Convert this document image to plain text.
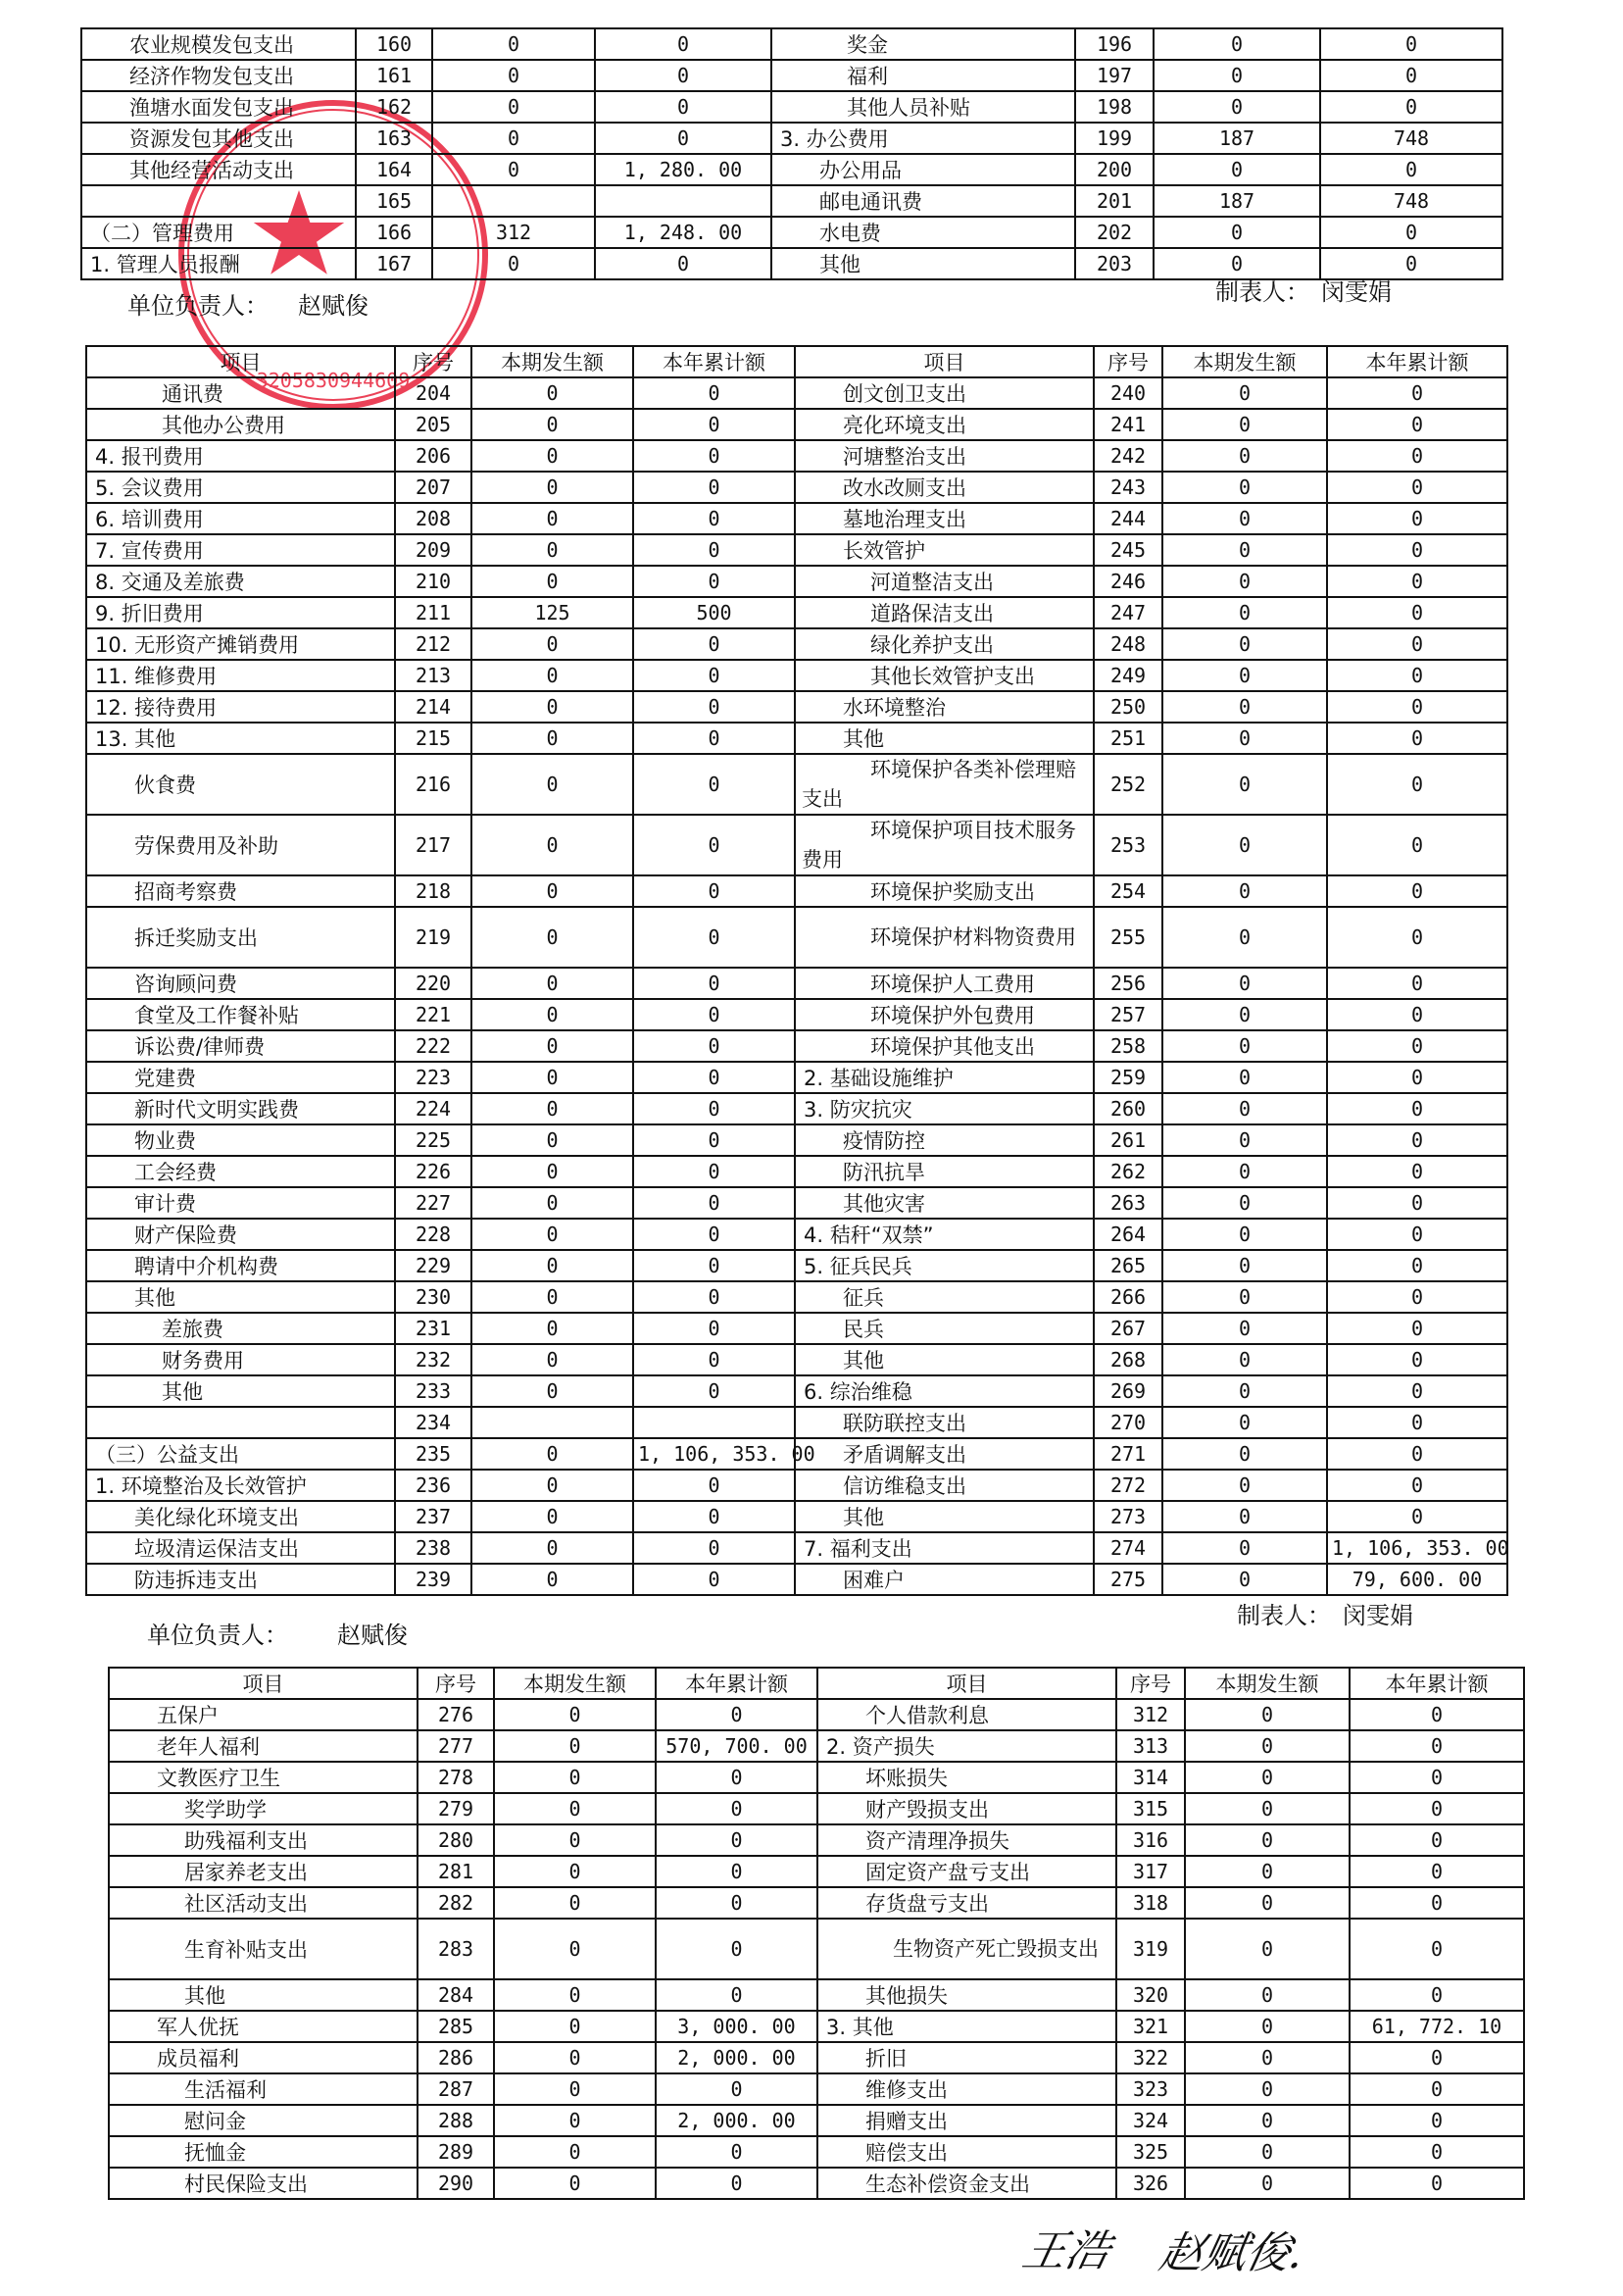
农业规模发包支出	160	0	0	奖金	196	0	0
经济作物发包支出	161	0	0	福利	197	0	0
渔塘水面发包支出	162	0	0	其他人员补贴	198	0	0
资源发包其他支出	163	0	0	3. 办公费用	199	187	748
其他经营活动支出	164	0	1, 280. 00	办公用品	200	0	0
	165			邮电通讯费	201	187	748
（二）管理费用	166	312	1, 248. 00	水电费	202	0	0
1. 管理人员报酬	167	0	0	其他	203	0	0
单位负责人： 赵赋俊	制表人： 闵雯娟
项目	序号	本期发生额	本年累计额	项目	序号	本期发生额	本年累计额
通讯费	204	0	0	创文创卫支出	240	0	0
其他办公费用	205	0	0	亮化环境支出	241	0	0
4. 报刊费用	206	0	0	河塘整治支出	242	0	0
5. 会议费用	207	0	0	改水改厕支出	243	0	0
6. 培训费用	208	0	0	墓地治理支出	244	0	0
7. 宣传费用	209	0	0	长效管护	245	0	0
8. 交通及差旅费	210	0	0	河道整洁支出	246	0	0
9. 折旧费用	211	125	500	道路保洁支出	247	0	0
10. 无形资产摊销费用	212	0	0	绿化养护支出	248	0	0
11. 维修费用	213	0	0	其他长效管护支出	249	0	0
12. 接待费用	214	0	0	水环境整治	250	0	0
13. 其他	215	0	0	其他	251	0	0
伙食费	216	0	0	环境保护各类补偿理赔支出	252	0	0
劳保费用及补助	217	0	0	环境保护项目技术服务费用	253	0	0
招商考察费	218	0	0	环境保护奖励支出	254	0	0
拆迁奖励支出	219	0	0	环境保护材料物资费用	255	0	0
咨询顾问费	220	0	0	环境保护人工费用	256	0	0
食堂及工作餐补贴	221	0	0	环境保护外包费用	257	0	0
诉讼费/律师费	222	0	0	环境保护其他支出	258	0	0
党建费	223	0	0	2. 基础设施维护	259	0	0
新时代文明实践费	224	0	0	3. 防灾抗灾	260	0	0
物业费	225	0	0	疫情防控	261	0	0
工会经费	226	0	0	防汛抗旱	262	0	0
审计费	227	0	0	其他灾害	263	0	0
财产保险费	228	0	0	4. 秸秆“双禁”	264	0	0
聘请中介机构费	229	0	0	5. 征兵民兵	265	0	0
其他	230	0	0	征兵	266	0	0
差旅费	231	0	0	民兵	267	0	0
财务费用	232	0	0	其他	268	0	0
其他	233	0	0	6. 综治维稳	269	0	0
	234			联防联控支出	270	0	0
（三）公益支出	235	0	1, 106, 353. 00	矛盾调解支出	271	0	0
1. 环境整治及长效管护	236	0	0	信访维稳支出	272	0	0
美化绿化环境支出	237	0	0	其他	273	0	0
垃圾清运保洁支出	238	0	0	7. 福利支出	274	0	1, 106, 353. 00
防违拆违支出	239	0	0	困难户	275	0	79, 600. 00
单位负责人： 赵赋俊
制表人： 闵雯娟
项目	序号	本期发生额	本年累计额	项目	序号	本期发生额	本年累计额
五保户	276	0	0	个人借款利息	312	0	0
老年人福利	277	0	570, 700. 00	2. 资产损失	313	0	0
文教医疗卫生	278	0	0	坏账损失	314	0	0
奖学助学	279	0	0	财产毁损支出	315	0	0
助残福利支出	280	0	0	资产清理净损失	316	0	0
居家养老支出	281	0	0	固定资产盘亏支出	317	0	0
社区活动支出	282	0	0	存货盘亏支出	318	0	0
生育补贴支出	283	0	0	生物资产死亡毁损支出	319	0	0
其他	284	0	0	其他损失	320	0	0
军人优抚	285	0	3, 000. 00	3. 其他	321	0	61, 772. 10
成员福利	286	0	2, 000. 00	折旧	322	0	0
生活福利	287	0	0	维修支出	323	0	0
慰问金	288	0	2, 000. 00	捐赠支出	324	0	0
抚恤金	289	0	0	赔偿支出	325	0	0
村民保险支出	290	0	0	生态补偿资金支出	326	0	0
王浩 赵赋俊.
3205830944609
